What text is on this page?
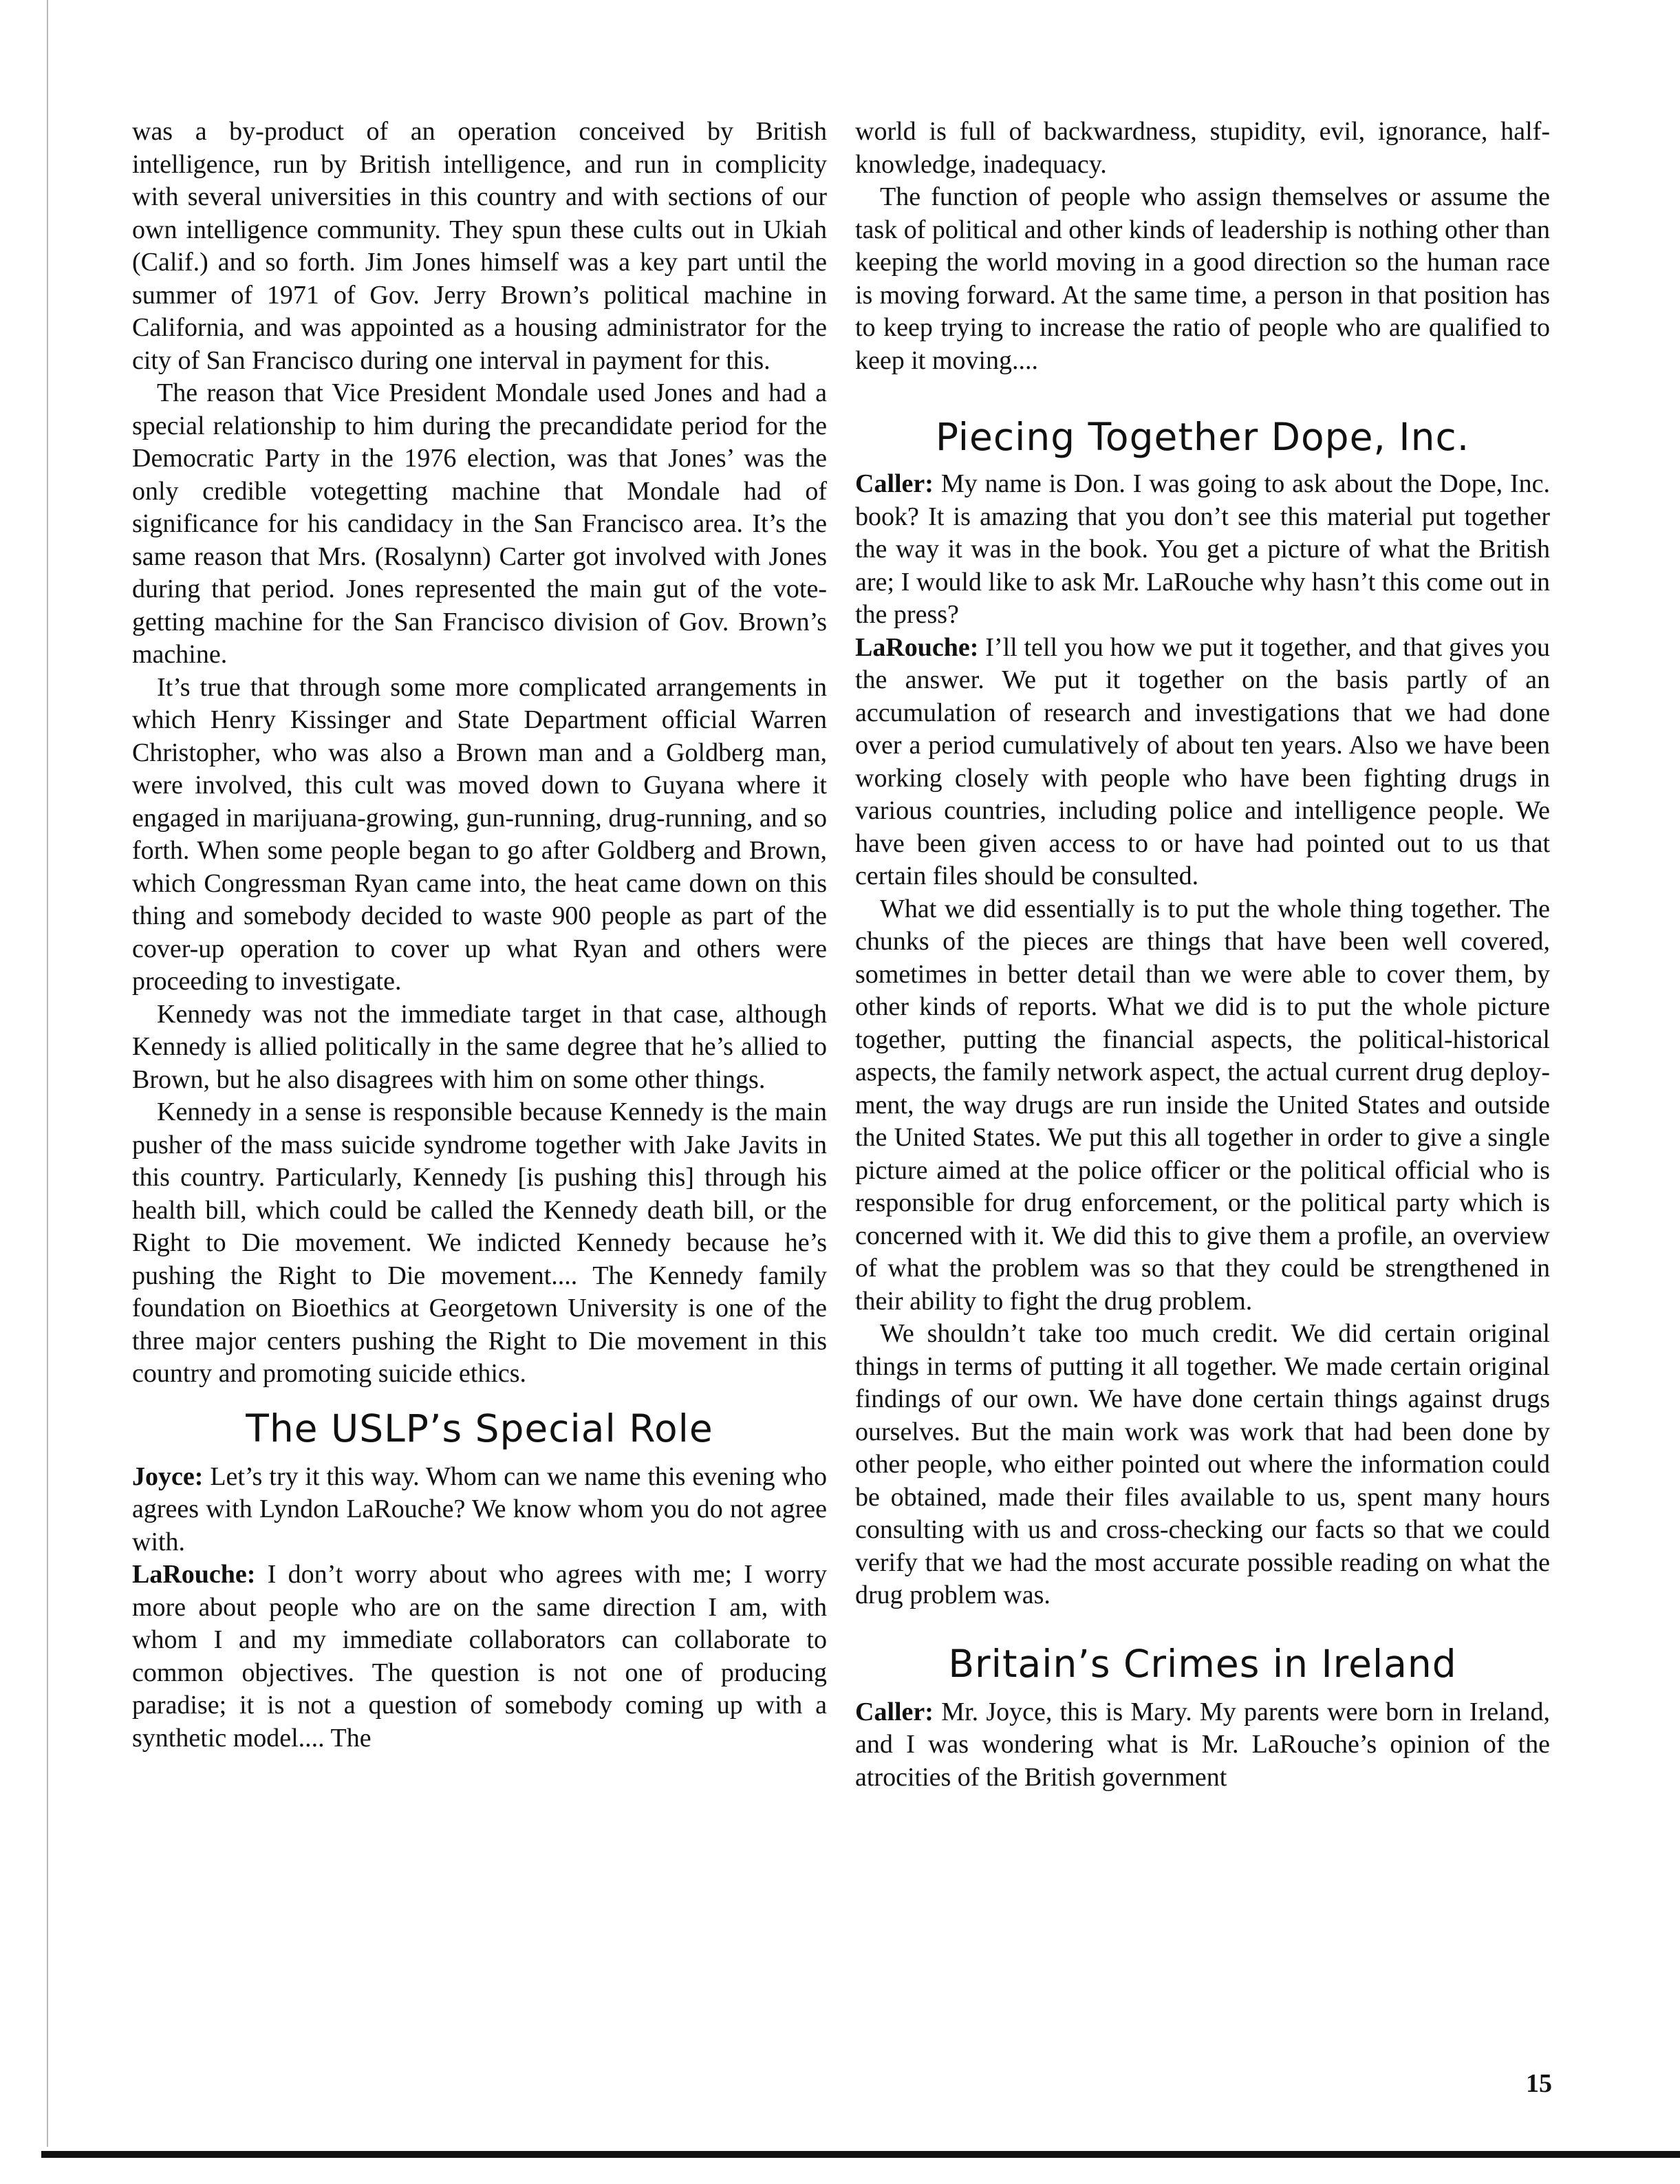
was a by-product of an operation conceived by British intelligence, run by British intelligence, and run in complicity with several universities in this country and with sections of our own intelligence community. They spun these cults out in Ukiah (Calif.) and so forth. Jim Jones himself was a key part until the summer of 1971 of Gov. Jerry Brown’s political machine in California, and was appointed as a housing administrator for the city of San Francisco during one interval in payment for this.

The reason that Vice President Mondale used Jones and had a special relationship to him during the precandidate period for the Democratic Party in the 1976 election, was that Jones’ was the only credible votegetting machine that Mondale had of significance for his candidacy in the San Francisco area. It’s the same reason that Mrs. (Rosalynn) Carter got involved with Jones during that period. Jones represented the main gut of the vote-getting machine for the San Francisco division of Gov. Brown’s machine.

It’s true that through some more complicated arrangements in which Henry Kissinger and State Department official Warren Christopher, who was also a Brown man and a Goldberg man, were involved, this cult was moved down to Guyana where it engaged in marijuana-growing, gun-running, drug-running, and so forth. When some people began to go after Goldberg and Brown, which Congressman Ryan came into, the heat came down on this thing and somebody decided to waste 900 people as part of the cover-up operation to cover up what Ryan and others were proceeding to investigate.

Kennedy was not the immediate target in that case, although Kennedy is allied politically in the same degree that he’s allied to Brown, but he also disagrees with him on some other things.

Kennedy in a sense is responsible because Kennedy is the main pusher of the mass suicide syndrome together with Jake Javits in this country. Particularly, Kennedy [is pushing this] through his health bill, which could be called the Kennedy death bill, or the Right to Die movement. We indicted Kennedy because he’s pushing the Right to Die movement.... The Kennedy family foundation on Bioethics at Georgetown University is one of the three major centers pushing the Right to Die movement in this country and promoting suicide ethics.

The USLP’s Special Role

Joyce: Let’s try it this way. Whom can we name this evening who agrees with Lyndon LaRouche? We know whom you do not agree with.

LaRouche: I don’t worry about who agrees with me; I worry more about people who are on the same direction I am, with whom I and my immediate collaborators can collaborate to common objectives. The question is not one of producing paradise; it is not a question of somebody coming up with a synthetic model.... The

world is full of backwardness, stupidity, evil, ignorance, half-knowledge, inadequacy.

The function of people who assign themselves or assume the task of political and other kinds of leadership is nothing other than keeping the world moving in a good direction so the human race is moving forward. At the same time, a person in that position has to keep trying to increase the ratio of people who are qualified to keep it moving....

Piecing Together Dope, Inc.

Caller: My name is Don. I was going to ask about the Dope, Inc. book? It is amazing that you don’t see this material put together the way it was in the book. You get a picture of what the British are; I would like to ask Mr. LaRouche why hasn’t this come out in the press?

LaRouche: I’ll tell you how we put it together, and that gives you the answer. We put it together on the basis partly of an accumulation of research and investigations that we had done over a period cumulatively of about ten years. Also we have been working closely with people who have been fighting drugs in various countries, including police and intelligence people. We have been given access to or have had pointed out to us that certain files should be consulted.

What we did essentially is to put the whole thing together. The chunks of the pieces are things that have been well covered, sometimes in better detail than we were able to cover them, by other kinds of reports. What we did is to put the whole picture together, putting the financial aspects, the political-historical aspects, the family network aspect, the actual current drug deployment, the way drugs are run inside the United States and outside the United States. We put this all together in order to give a single picture aimed at the police officer or the political official who is responsible for drug enforcement, or the political party which is concerned with it. We did this to give them a profile, an overview of what the problem was so that they could be strengthened in their ability to fight the drug problem.

We shouldn’t take too much credit. We did certain original things in terms of putting it all together. We made certain original findings of our own. We have done certain things against drugs ourselves. But the main work was work that had been done by other people, who either pointed out where the information could be obtained, made their files available to us, spent many hours consulting with us and cross-checking our facts so that we could verify that we had the most accurate possible reading on what the drug problem was.

Britain’s Crimes in Ireland

Caller: Mr. Joyce, this is Mary. My parents were born in Ireland, and I was wondering what is Mr. LaRouche’s opinion of the atrocities of the British government

15
